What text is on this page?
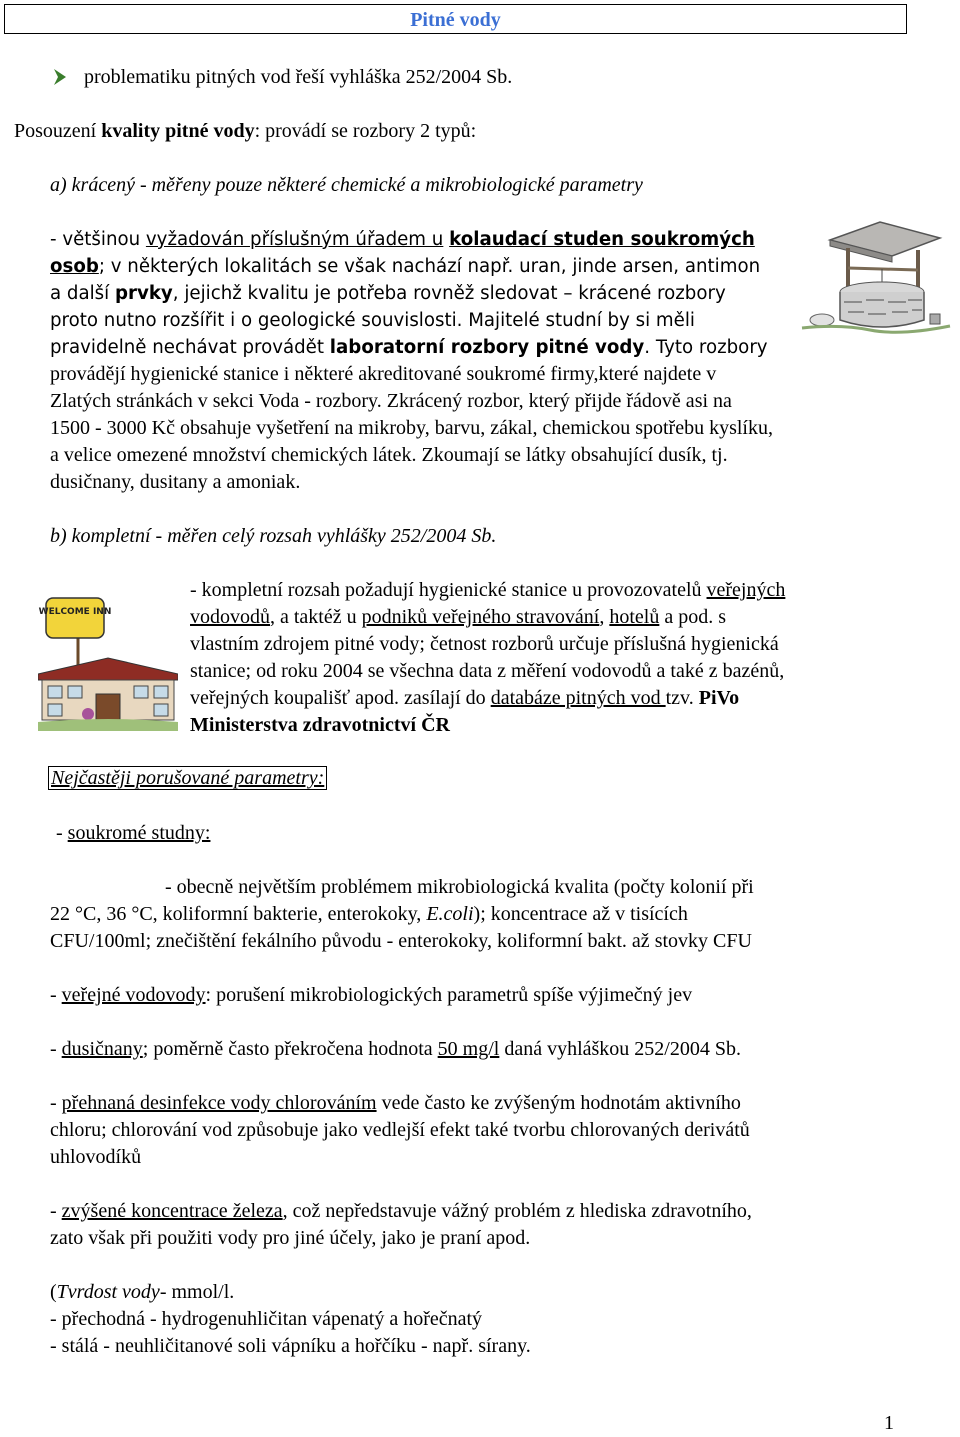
Pitné vody
problematiku pitných vod řeší vyhláška 252/2004 Sb.
Posouzení kvality pitné vody: provádí se rozbory 2 typů:
a) krácený - měřeny pouze některé chemické a mikrobiologické parametry
- většinou vyžadován příslušným úřadem u kolaudací studen soukromých
osob; v některých lokalitách se však nachází např. uran, jinde arsen, antimon
a další prvky, jejichž kvalitu je potřeba rovněž sledovat – krácené rozbory
proto nutno rozšířit i o geologické souvislosti. Majitelé studní by si měli
pravidelně nechávat provádět laboratorní rozbory pitné vody. Tyto rozbory
provádějí hygienické stanice i některé akreditované soukromé firmy,které najdete v
Zlatých stránkách v sekci Voda - rozbory. Zkrácený rozbor, který přijde řádově asi na
1500 - 3000 Kč obsahuje vyšetření na mikroby, barvu, zákal, chemickou spotřebu kyslíku,
a velice omezené množství chemických látek. Zkoumají se látky obsahující dusík, tj.
dusičnany, dusitany a amoniak.
b) kompletní - měřen celý rozsah vyhlášky 252/2004 Sb.
WELCOME INN
- kompletní rozsah požadují hygienické stanice u provozovatelů veřejných
vodovodů, a taktéž u podniků veřejného stravování, hotelů a pod. s
vlastním zdrojem pitné vody; četnost rozborů určuje příslušná hygienická
stanice; od roku 2004 se všechna data z měření vodovodů a také z bazénů,
veřejných koupališť apod. zasílají do databáze pitných vod tzv. PiVo
Ministerstva zdravotnictví ČR
Nejčastěji porušované parametry:
- soukromé studny:
- obecně největším problémem mikrobiologická kvalita (počty kolonií při
22 °C, 36 °C, koliformní bakterie, enterokoky, E.coli); koncentrace až v tisících
CFU/100ml; znečištění fekálního původu - enterokoky, koliformní bakt. až stovky CFU
- veřejné vodovody: porušení mikrobiologických parametrů spíše výjimečný jev
- dusičnany; poměrně často překročena hodnota 50 mg/l daná vyhláškou 252/2004 Sb.
- přehnaná desinfekce vody chlorováním vede často ke zvýšeným hodnotám aktivního
chloru; chlorování vod způsobuje jako vedlejší efekt také tvorbu chlorovaných derivátů
uhlovodíků
- zvýšené koncentrace železa, což nepředstavuje vážný problém z hlediska zdravotního,
zato však při použiti vody pro jiné účely, jako je praní apod.
(Tvrdost vody- mmol/l.
- přechodná - hydrogenuhličitan vápenatý a hořečnatý
- stálá - neuhličitanové soli vápníku a hořčíku - např. sírany.
1
